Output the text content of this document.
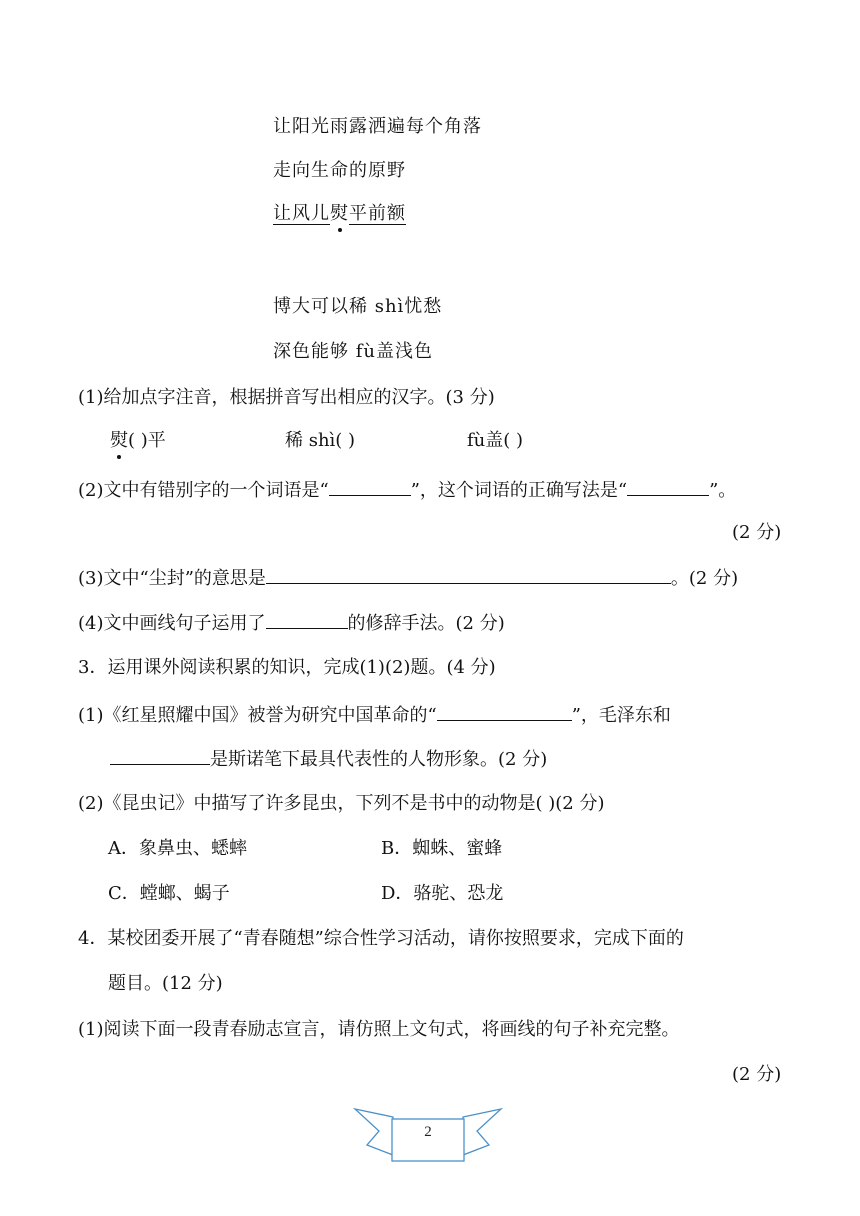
让阳光雨露洒遍每个角落
走向生命的原野
让风儿熨平前额
博大可以稀 shì忧愁
深色能够 fù盖浅色
(1)给加点字注音，根据拼音写出相应的汉字。(3 分)
熨( )平	稀 shì( )	fù盖( )
(2)文中有错别字的一个词语是“	”，这个词语的正确写法是“	”。
(2 分)
(3)文中“尘封”的意思是	。(2 分)
(4)文中画线句子运用了	的修辞手法。(2 分)
3．运用课外阅读积累的知识，完成(1)(2)题。(4 分)
(1)《红星照耀中国》被誉为研究中国革命的“	”，毛泽东和
是斯诺笔下最具代表性的人物形象。(2 分)
(2)《昆虫记》中描写了许多昆虫，下列不是书中的动物是( )(2 分)
A．象鼻虫、蟋蟀	B．蜘蛛、蜜蜂
C．螳螂、蝎子	D．骆驼、恐龙
4．某校团委开展了“青春随想”综合性学习活动，请你按照要求，完成下面的
题目。(12 分)
(1)阅读下面一段青春励志宣言，请仿照上文句式，将画线的句子补充完整。
(2 分)
2
